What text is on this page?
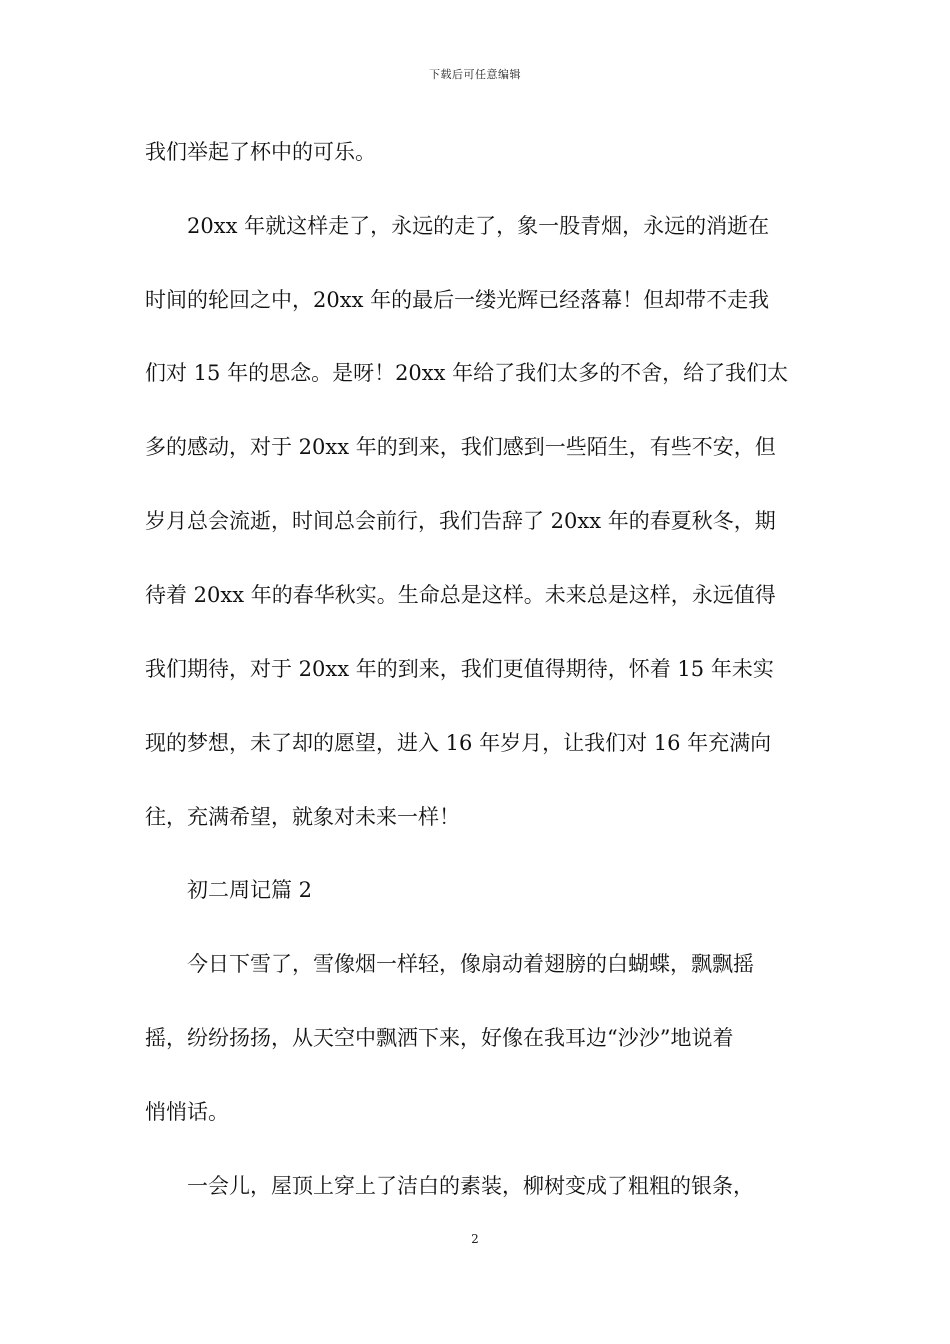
下载后可任意编辑
我们举起了杯中的可乐。
　　20xx 年就这样走了，永远的走了，象一股青烟，永远的消逝在
时间的轮回之中，20xx 年的最后一缕光辉已经落幕！但却带不走我
们对 15 年的思念。是呀！20xx 年给了我们太多的不舍，给了我们太
多的感动，对于 20xx 年的到来，我们感到一些陌生，有些不安，但
岁月总会流逝，时间总会前行，我们告辞了 20xx 年的春夏秋冬，期
待着 20xx 年的春华秋实。生命总是这样。未来总是这样，永远值得
我们期待，对于 20xx 年的到来，我们更值得期待，怀着 15 年未实
现的梦想，未了却的愿望，进入 16 年岁月，让我们对 16 年充满向
往，充满希望，就象对未来一样！
　　初二周记篇 2
　　今日下雪了，雪像烟一样轻，像扇动着翅膀的白蝴蝶，飘飘摇
摇，纷纷扬扬，从天空中飘洒下来，好像在我耳边“沙沙”地说着
悄悄话。
　　一会儿，屋顶上穿上了洁白的素装，柳树变成了粗粗的银条，
2
